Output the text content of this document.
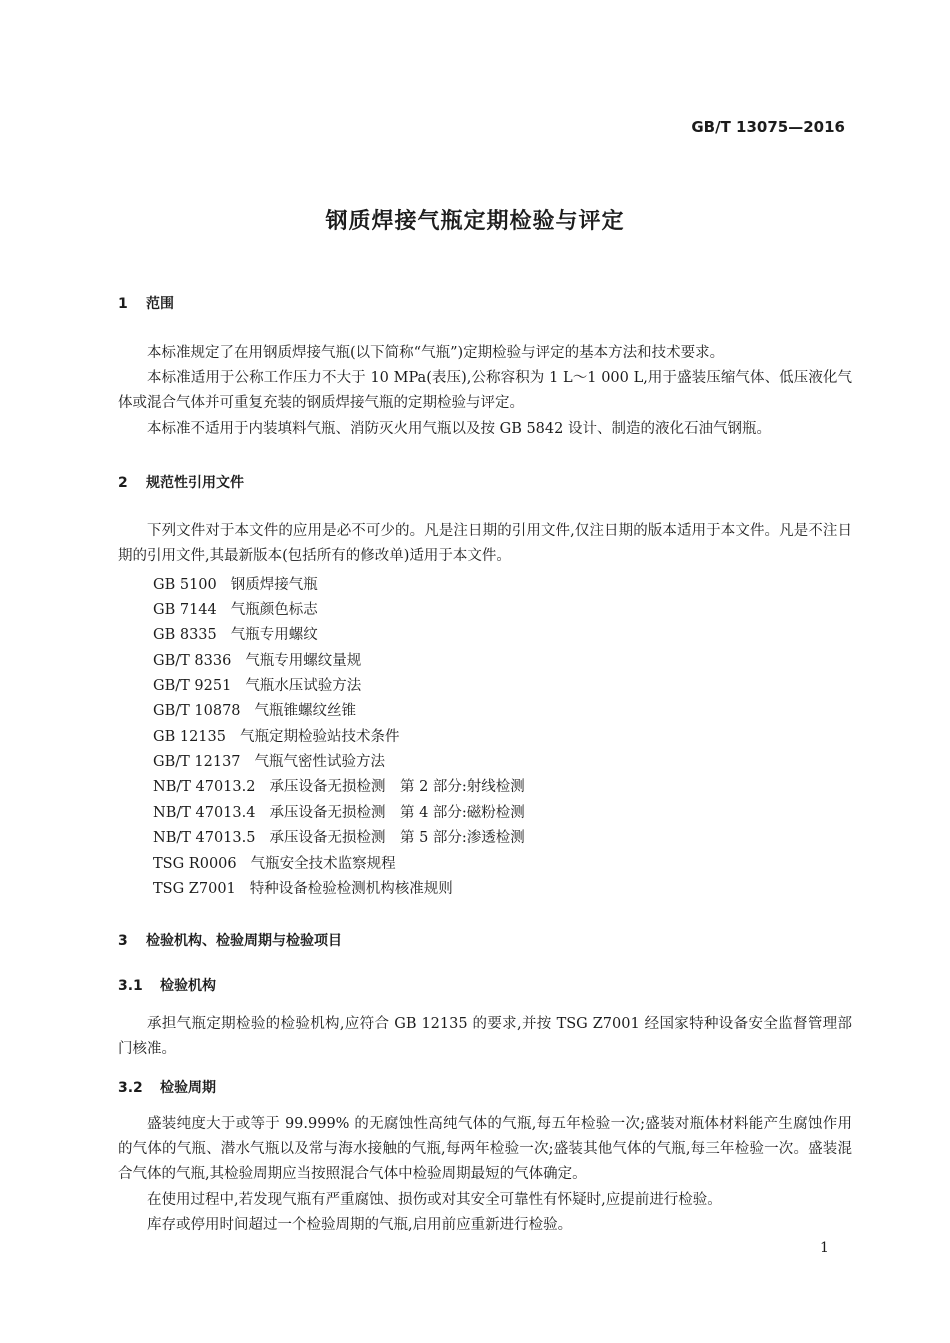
GB/T 13075—2016
钢质焊接气瓶定期检验与评定
1 范围
本标准规定了在用钢质焊接气瓶(以下简称“气瓶”)定期检验与评定的基本方法和技术要求。
本标准适用于公称工作压力不大于 10 MPa(表压),公称容积为 1 L～1 000 L,用于盛装压缩气体、低压液化气体或混合气体并可重复充装的钢质焊接气瓶的定期检验与评定。
本标准不适用于内装填料气瓶、消防灭火用气瓶以及按 GB 5842 设计、制造的液化石油气钢瓶。
2 规范性引用文件
下列文件对于本文件的应用是必不可少的。凡是注日期的引用文件,仅注日期的版本适用于本文件。凡是不注日期的引用文件,其最新版本(包括所有的修改单)适用于本文件。
GB 5100 钢质焊接气瓶
GB 7144 气瓶颜色标志
GB 8335 气瓶专用螺纹
GB/T 8336 气瓶专用螺纹量规
GB/T 9251 气瓶水压试验方法
GB/T 10878 气瓶锥螺纹丝锥
GB 12135 气瓶定期检验站技术条件
GB/T 12137 气瓶气密性试验方法
NB/T 47013.2 承压设备无损检测　第 2 部分:射线检测
NB/T 47013.4 承压设备无损检测　第 4 部分:磁粉检测
NB/T 47013.5 承压设备无损检测　第 5 部分:渗透检测
TSG R0006 气瓶安全技术监察规程
TSG Z7001 特种设备检验检测机构核准规则
3 检验机构、检验周期与检验项目
3.1 检验机构
承担气瓶定期检验的检验机构,应符合 GB 12135 的要求,并按 TSG Z7001 经国家特种设备安全监督管理部门核准。
3.2 检验周期
盛装纯度大于或等于 99.999% 的无腐蚀性高纯气体的气瓶,每五年检验一次;盛装对瓶体材料能产生腐蚀作用的气体的气瓶、潜水气瓶以及常与海水接触的气瓶,每两年检验一次;盛装其他气体的气瓶,每三年检验一次。盛装混合气体的气瓶,其检验周期应当按照混合气体中检验周期最短的气体确定。
在使用过程中,若发现气瓶有严重腐蚀、损伤或对其安全可靠性有怀疑时,应提前进行检验。
库存或停用时间超过一个检验周期的气瓶,启用前应重新进行检验。
1
